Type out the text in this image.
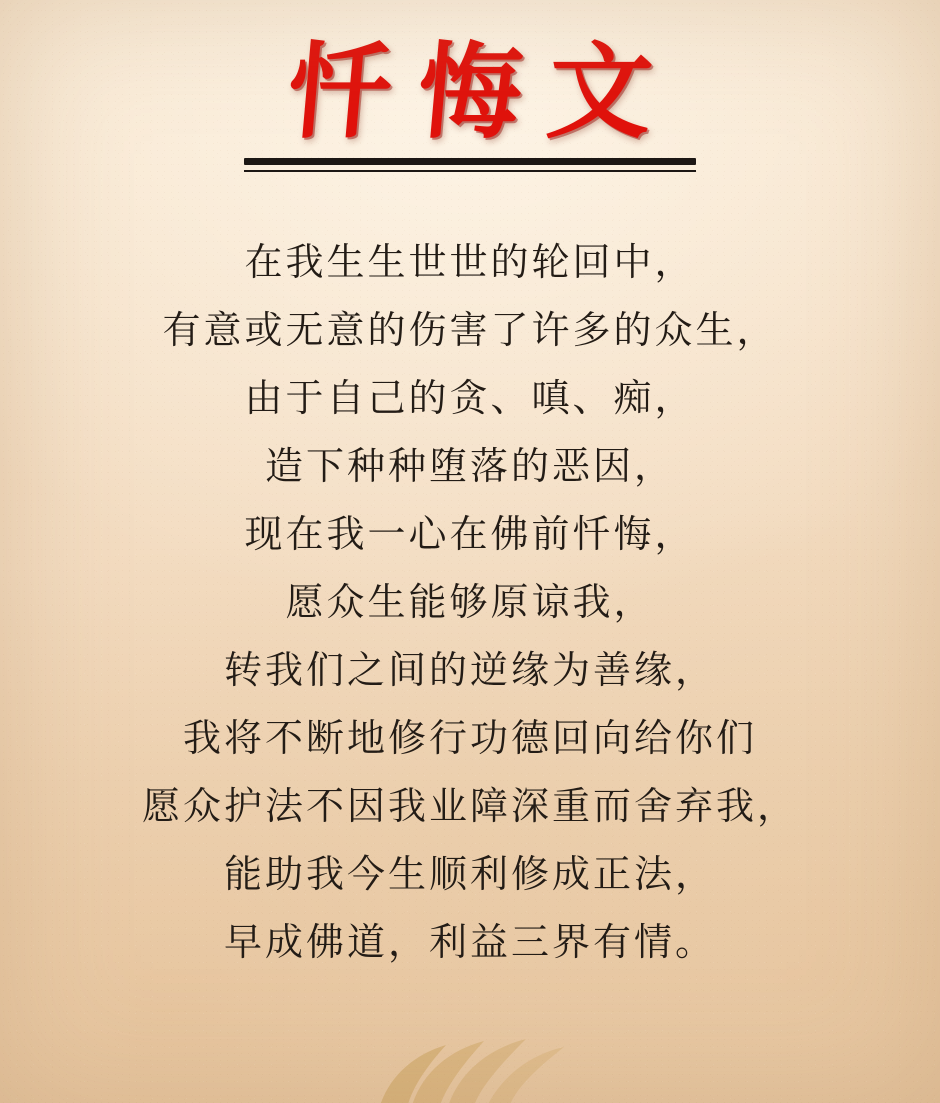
忏悔文
在我生生世世的轮回中，
有意或无意的伤害了许多的众生，
由于自己的贪、嗔、痴，
造下种种堕落的恶因，
现在我一心在佛前忏悔，
愿众生能够原谅我，
转我们之间的逆缘为善缘，
我将不断地修行功德回向给你们
愿众护法不因我业障深重而舍弃我，
能助我今生顺利修成正法，
早成佛道，利益三界有情。
